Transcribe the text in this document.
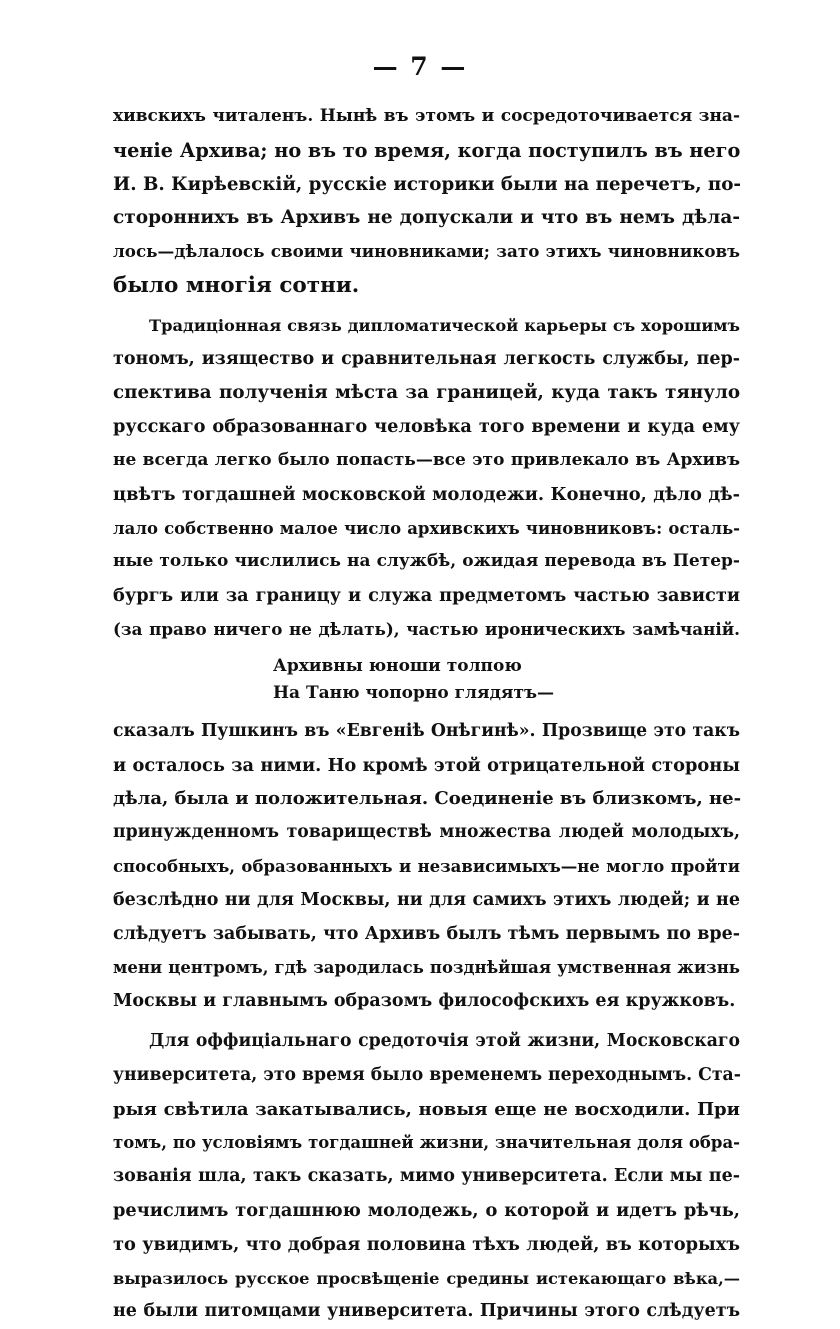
— 7 —
хивскихъ читаленъ. Нынѣ въ этомъ и сосредоточивается зна-
ченіе Архива; но въ то время, когда поступилъ въ него
И. В. Кирѣевскій, русскіе историки были на перечетъ, по-
стороннихъ въ Архивъ не допускали и что въ немъ дѣла-
лось—дѣлалось своими чиновниками; зато этихъ чиновниковъ
было многія сотни.
Традиціонная связь дипломатической карьеры съ хорошимъ
тономъ, изящество и сравнительная легкость службы, пер-
спектива полученія мѣста за границей, куда такъ тянуло
русскаго образованнаго человѣка того времени и куда ему
не всегда легко было попасть—все это привлекало въ Архивъ
цвѣтъ тогдашней московской молодежи. Конечно, дѣло дѣ-
лало собственно малое число архивскихъ чиновниковъ: осталь-
ные только числились на службѣ, ожидая перевода въ Петер-
бургъ или за границу и служа предметомъ частью зависти
(за право ничего не дѣлать), частью ироническихъ замѣчаній.
Архивны юноши толпою
На Таню чопорно глядятъ—
сказалъ Пушкинъ въ «Евгеніѣ Онѣгинѣ». Прозвище это такъ
и осталось за ними. Но кромѣ этой отрицательной стороны
дѣла, была и положительная. Соединеніе въ близкомъ, не-
принужденномъ товариществѣ множества людей молодыхъ,
способныхъ, образованныхъ и независимыхъ—не могло пройти
безслѣдно ни для Москвы, ни для самихъ этихъ людей; и не
слѣдуетъ забывать, что Архивъ былъ тѣмъ первымъ по вре-
мени центромъ, гдѣ зародилась позднѣйшая умственная жизнь
Москвы и главнымъ образомъ философскихъ ея кружковъ.
Для оффиціальнаго средоточія этой жизни, Московскаго
университета, это время было временемъ переходнымъ. Ста-
рыя свѣтила закатывались, новыя еще не восходили. При
томъ, по условіямъ тогдашней жизни, значительная доля обра-
зованія шла, такъ сказать, мимо университета. Если мы пе-
речислимъ тогдашнюю молодежь, о которой и идетъ рѣчь,
то увидимъ, что добрая половина тѣхъ людей, въ которыхъ
выразилось русское просвѣщеніе средины истекающаго вѣка,—
не были питомцами университета. Причины этого слѣдуетъ
